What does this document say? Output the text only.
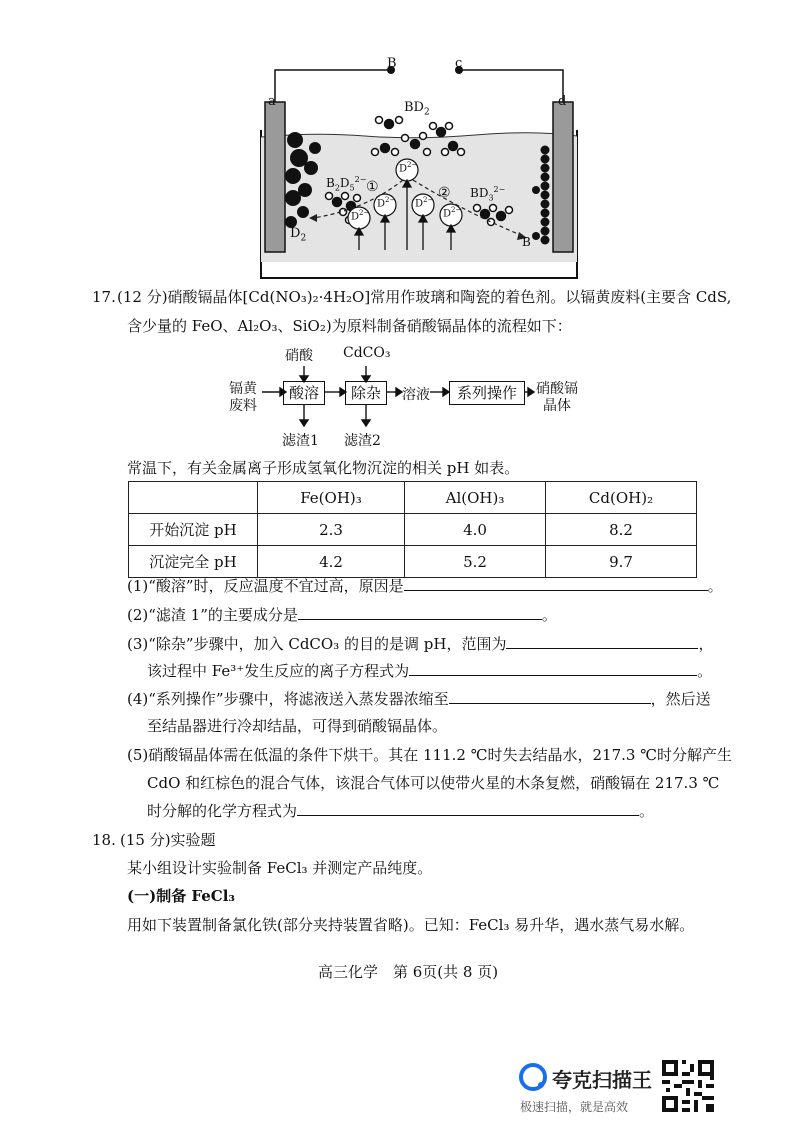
a
B	c
d
$BD_2$
$B_2D_5^{2-}$
$D_2$
$BD_3^{2-}$
B
①	②
$D^{2-}$
$D^{2-}$
$D^{2-}$ $D^{2-}$
$D^{2-}$
17. (12 分)硝酸镉晶体[Cd(NO₃)₂·4H₂O]常用作玻璃和陶瓷的着色剂。以镉黄废料(主要含 CdS,
含少量的 FeO、Al₂O₃、SiO₂)为原料制备硝酸镉晶体的流程如下：
镉黄
废料
硝酸 CdCO₃
酸溶	除杂	溶液	系列操作	硝酸镉
晶体
滤渣1 滤渣2
常温下，有关金属离子形成氢氧化物沉淀的相关 pH 如表。
	Fe(OH)₃	Al(OH)₃	Cd(OH)₂
开始沉淀 pH	2.3	4.0	8.2
沉淀完全 pH	4.2	5.2	9.7
(1)“酸溶”时，反应温度不宜过高，原因是	。
(2)“滤渣 1”的主要成分是	。
(3)“除杂”步骤中，加入 CdCO₃ 的目的是调 pH，范围为	，
该过程中 Fe³⁺发生反应的离子方程式为	。
(4)“系列操作”步骤中，将滤液送入蒸发器浓缩至	，然后送
至结晶器进行冷却结晶，可得到硝酸镉晶体。
(5)硝酸镉晶体需在低温的条件下烘干。其在 111.2 ℃时失去结晶水，217.3 ℃时分解产生
CdO 和红棕色的混合气体，该混合气体可以使带火星的木条复燃，硝酸镉在 217.3 ℃
时分解的化学方程式为	。
18. (15 分)实验题
某小组设计实验制备 FeCl₃ 并测定产品纯度。
(一)制备 FeCl₃
用如下装置制备氯化铁(部分夹持装置省略)。已知：FeCl₃ 易升华，遇水蒸气易水解。
高三化学　第 6页(共 8 页)
夸克扫描王
极速扫描，就是高效
